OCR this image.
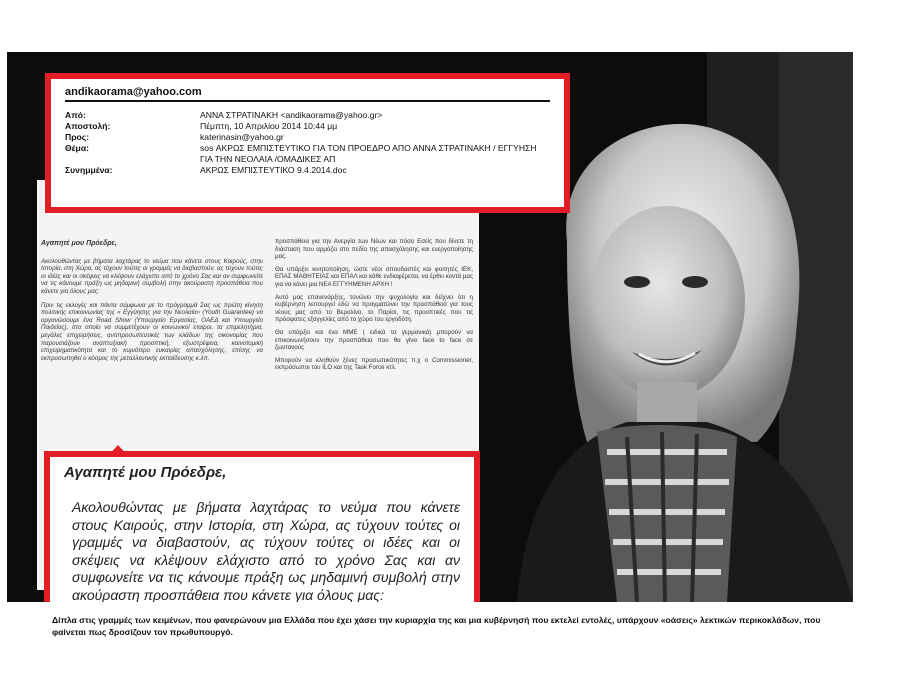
Αγαπητέ μου Πρόεδρε,

Ακολουθώντας με βήματα λαχτάρας το νεύμα που κάνετε στους Καιρούς, στην Ιστορία, στη Χώρα, ας τύχουν τούτες οι γραμμές να διαβαστούν, ας τύχουν τούτες οι ιδέες και οι σκέψεις να κλέψουν ελάχιστο από το χρόνο Σας και αν συμφωνείτε να τις κάνουμε πράξη ως μηδαμινή συμβολή στην ακούραστη προσπάθεια που κάνετε για όλους μας:

Πριν τις εκλογές και πάντα σύμφωνα με το πρόγραμμά Σας ως πρώτη κίνηση πολιτικής επικοινωνίας της « Εγγύησης για την Νεολαία» (Youth Guarantee) να οργανώσουμε ένα Road Show (Υπουργείο Εργασίας, ΟΑΕΔ και Υπουργείο Παιδείας), στο οποίο να συμμετέχουν οι κοινωνικοί εταίροι, τα επιμελητήρια, μεγάλες επιχειρήσεις, αντιπροσωπευτικές των κλάδων της οικονομίας που παρουσιάζουν αναπτυξιακή προοπτική, εξωστρέφεια, καινοτομική επιχειρηματικότητα και το κυριότερο ευκαιρίες απασχόλησης, επίσης να εκπροσωπηθεί ο κόσμος της μεταλλευτικής εκπαίδευσης κ.λπ.

προσπάθεια για την Ανεργία των Νέων και πόσο Εσείς που δίνετε τη διάσταση που αρμόζει στο πεδίο της απασχόλησης και ενεργοποίησης μας.

Θα υπάρξει κινητοποίηση, ώστε νέοι σπουδαστές και φοιτητές ΙΕΚ, ΕΠΑΣ ΜΑΘΗΤΕΙΑΣ και ΕΠΑΛ και κάθε ενδιαφέρεται, να έρθει κοντά μας για να κάνει μια ΝΕΑ ΕΓΓΥΗΜΕΝΗ ΑΡΧΗ !

Αυτό μας επανενάρξης, τονώνει την ψυχολογία και δείχνει ότι η κυβέρνηση λειτουργεί εδώ να πραγματώνει την προσπάθεια για τους νέους μας από το Βερολίνο, το Παρίσι, τις προοπτικές που τις πρόσφατες εξαγγελίες από το χώρο του εργοδότη.

Θα υπάρξει και ένα ΜΜΕ ( ειδικά τα γερμανικά) μπορούν να επικοινωνήσουν την προσπάθεια που θα γίνει face to face σε ζωντανούς

Μπορούν να κληθούν ξένες προσωπικότητες π.χ ο Commissioner, εκπρόσωποι του ILO και της Task Force κτλ.

andikaorama@yahoo.com
Από:	ΑΝΝΑ ΣΤΡΑΤΙΝΑΚΗ <andikaorama@yahoo.gr>
Αποστολή:	Πέμπτη, 10 Απριλίου 2014 10:44 μμ
Προς:	katerinasin@yahoo.gr
Θέμα:	sos ΑΚΡΩΣ ΕΜΠΙΣΤΕΥΤΙΚΟ ΓΙΑ ΤΟΝ ΠΡΟΕΔΡΟ ΑΠΟ ΑΝΝΑ ΣΤΡΑΤΙΝΑΚΗ / ΕΓΓΥΗΣΗ ΓΙΑ ΤΗΝ ΝΕΟΛΑΙΑ /ΟΜΑΔΙΚΕΣ ΑΠ
Συνημμένα:	ΑΚΡΩΣ ΕΜΠΙΣΤΕΥΤΙΚΟ 9.4.2014.doc
Αγαπητέ μου Πρόεδρε,
Ακολουθώντας με βήματα λαχτάρας το νεύμα που κάνετε στους Καιρούς, στην Ιστορία, στη Χώρα, ας τύχουν τούτες οι γραμμές να διαβαστούν, ας τύχουν τούτες οι ιδέες και οι σκέψεις να κλέψουν ελάχιστο από το χρόνο Σας και αν συμφωνείτε να τις κάνουμε πράξη ως μηδαμινή συμβολή στην ακούραστη προσπάθεια που κάνετε για όλους μας:
Δίπλα στις γραμμές των κειμένων, που φανερώνουν μια Ελλάδα που έχει χάσει την κυριαρχία της και μια κυβέρνησή που εκτελεί εντολές, υπάρχουν «οάσεις» λεκτικών περικοκλάδων, που φαίνεται πως δροσίζουν τον πρωθυπουργό.
